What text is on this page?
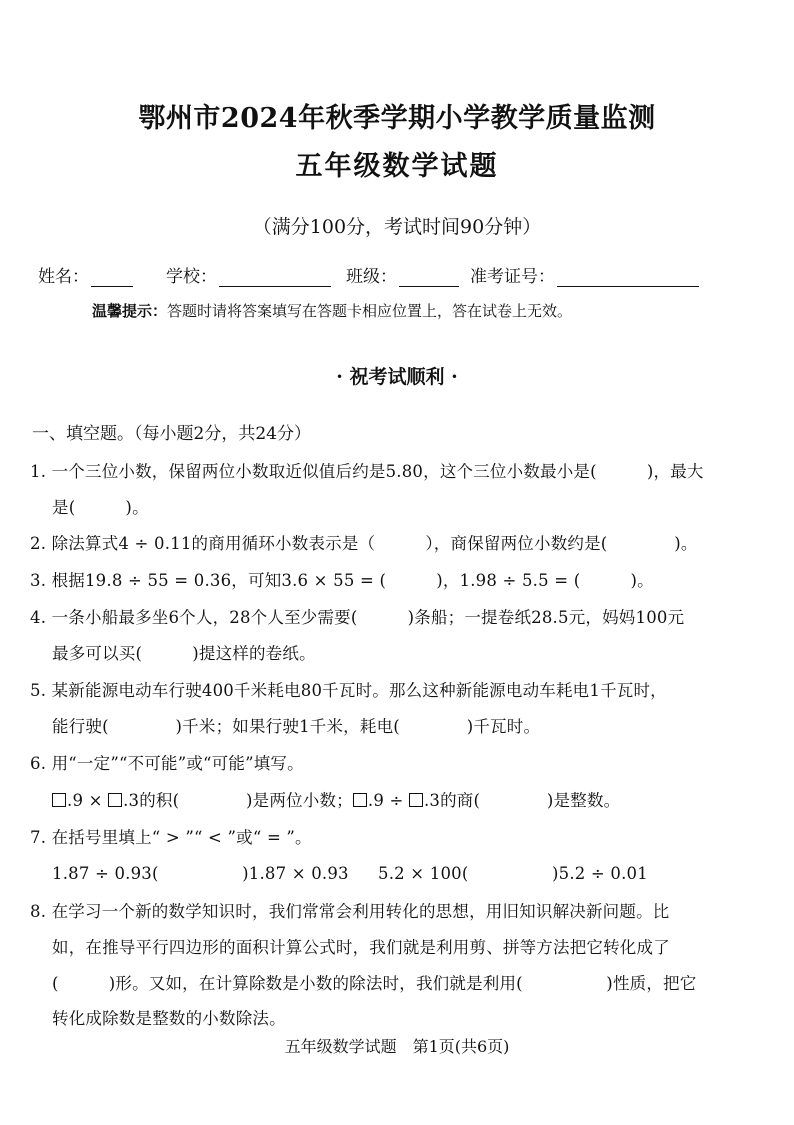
鄂州市2024年秋季学期小学教学质量监测
五年级数学试题
（满分100分，考试时间90分钟）
姓名：	学校：	班级：	准考证号：
温馨提示：答题时请将答案填写在答题卡相应位置上，答在试卷上无效。
· 祝考试顺利 ·
一、填空题。（每小题2分，共24分）
1. 一个三位小数，保留两位小数取近似值后约是5.80，这个三位小数最小是(　　　)，最大
是(　　　)。
2. 除法算式4 ÷ 0.11的商用循环小数表示是（　　　），商保留两位小数约是(　　　　)。
3. 根据19.8 ÷ 55 = 0.36，可知3.6 × 55 = (　　　)，1.98 ÷ 5.5 = (　　　)。
4. 一条小船最多坐6个人，28个人至少需要(　　　)条船；一提卷纸28.5元，妈妈100元
最多可以买(　　　)提这样的卷纸。
5. 某新能源电动车行驶400千米耗电80千瓦时。那么这种新能源电动车耗电1千瓦时，
能行驶(　　　　)千米；如果行驶1千米，耗电(　　　　)千瓦时。
6. 用“一定”“不可能”或“可能”填写。
.9 × .3的积(　　　　)是两位小数； .9 ÷ .3的商(　　　　)是整数。
7. 在括号里填上“ > ”“ < ”或“ = ”。
1.87 ÷ 0.93(　　　　　)1.87 × 0.93 5.2 × 100(　　　　　)5.2 ÷ 0.01
8. 在学习一个新的数学知识时，我们常常会利用转化的思想，用旧知识解决新问题。比
如，在推导平行四边形的面积计算公式时，我们就是利用剪、拼等方法把它转化成了
(　　　)形。又如，在计算除数是小数的除法时，我们就是利用(　　　　　)性质，把它
转化成除数是整数的小数除法。
五年级数学试题　第1页(共6页)
